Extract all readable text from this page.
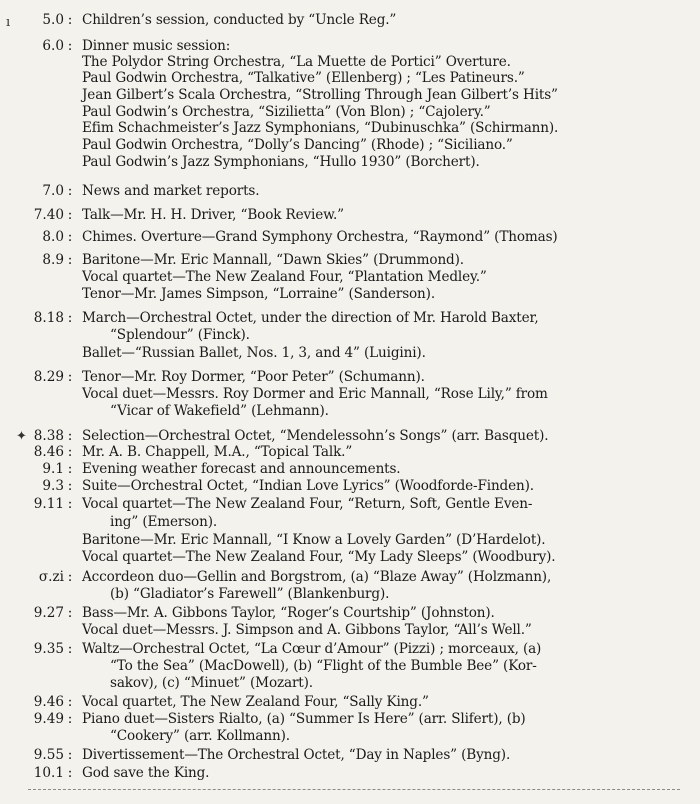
ı	5.0 : Children’s session, conducted by “Uncle Reg.”
6.0 : Dinner music session:
The Polydor String Orchestra, “La Muette de Portici” Overture.
Paul Godwin Orchestra, “Talkative” (Ellenberg) ; “Les Patineurs.”
Jean Gilbert’s Scala Orchestra, “Strolling Through Jean Gilbert’s Hits”
Paul Godwin’s Orchestra, “Sizilietta” (Von Blon) ; “Cajolery.”
Efim Schachmeister’s Jazz Symphonians, “Dubinuschka” (Schirmann).
Paul Godwin Orchestra, “Dolly’s Dancing” (Rhode) ; “Siciliano.”
Paul Godwin’s Jazz Symphonians, “Hullo 1930” (Borchert).
7.0 : News and market reports.
7.40 : Talk—Mr. H. H. Driver, “Book Review.”
8.0 : Chimes. Overture—Grand Symphony Orchestra, “Raymond” (Thomas)
8.9 : Baritone—Mr. Eric Mannall, “Dawn Skies” (Drummond).
Vocal quartet—The New Zealand Four, “Plantation Medley.”
Tenor—Mr. James Simpson, “Lorraine” (Sanderson).
8.18 : March—Orchestral Octet, under the direction of Mr. Harold Baxter,
“Splendour” (Finck).
Ballet—“Russian Ballet, Nos. 1, 3, and 4” (Luigini).
8.29 : Tenor—Mr. Roy Dormer, “Poor Peter” (Schumann).
Vocal duet—Messrs. Roy Dormer and Eric Mannall, “Rose Lily,” from
“Vicar of Wakefield” (Lehmann).
✦ 8.38 : Selection—Orchestral Octet, “Mendelessohn’s Songs” (arr. Basquet).
8.46 : Mr. A. B. Chappell, M.A., “Topical Talk.”
9.1 : Evening weather forecast and announcements.
9.3 : Suite—Orchestral Octet, “Indian Love Lyrics” (Woodforde-Finden).
9.11 : Vocal quartet—The New Zealand Four, “Return, Soft, Gentle Even-
ing” (Emerson).
Baritone—Mr. Eric Mannall, “I Know a Lovely Garden” (D’Hardelot).
Vocal quartet—The New Zealand Four, “My Lady Sleeps” (Woodbury).
σ.zi : Accordeon duo—Gellin and Borgstrom, (a) “Blaze Away” (Holzmann),
(b) “Gladiator’s Farewell” (Blankenburg).
9.27 : Bass—Mr. A. Gibbons Taylor, “Roger’s Courtship” (Johnston).
Vocal duet—Messrs. J. Simpson and A. Gibbons Taylor, “All’s Well.”
9.35 : Waltz—Orchestral Octet, “La Cœur d’Amour” (Pizzi) ; morceaux, (a)
“To the Sea” (MacDowell), (b) “Flight of the Bumble Bee” (Kor-
sakov), (c) “Minuet” (Mozart).
9.46 : Vocal quartet, The New Zealand Four, “Sally King.”
9.49 : Piano duet—Sisters Rialto, (a) “Summer Is Here” (arr. Slifert), (b)
“Cookery” (arr. Kollmann).
9.55 : Divertissement—The Orchestral Octet, “Day in Naples” (Byng).
10.1 : God save the King.
